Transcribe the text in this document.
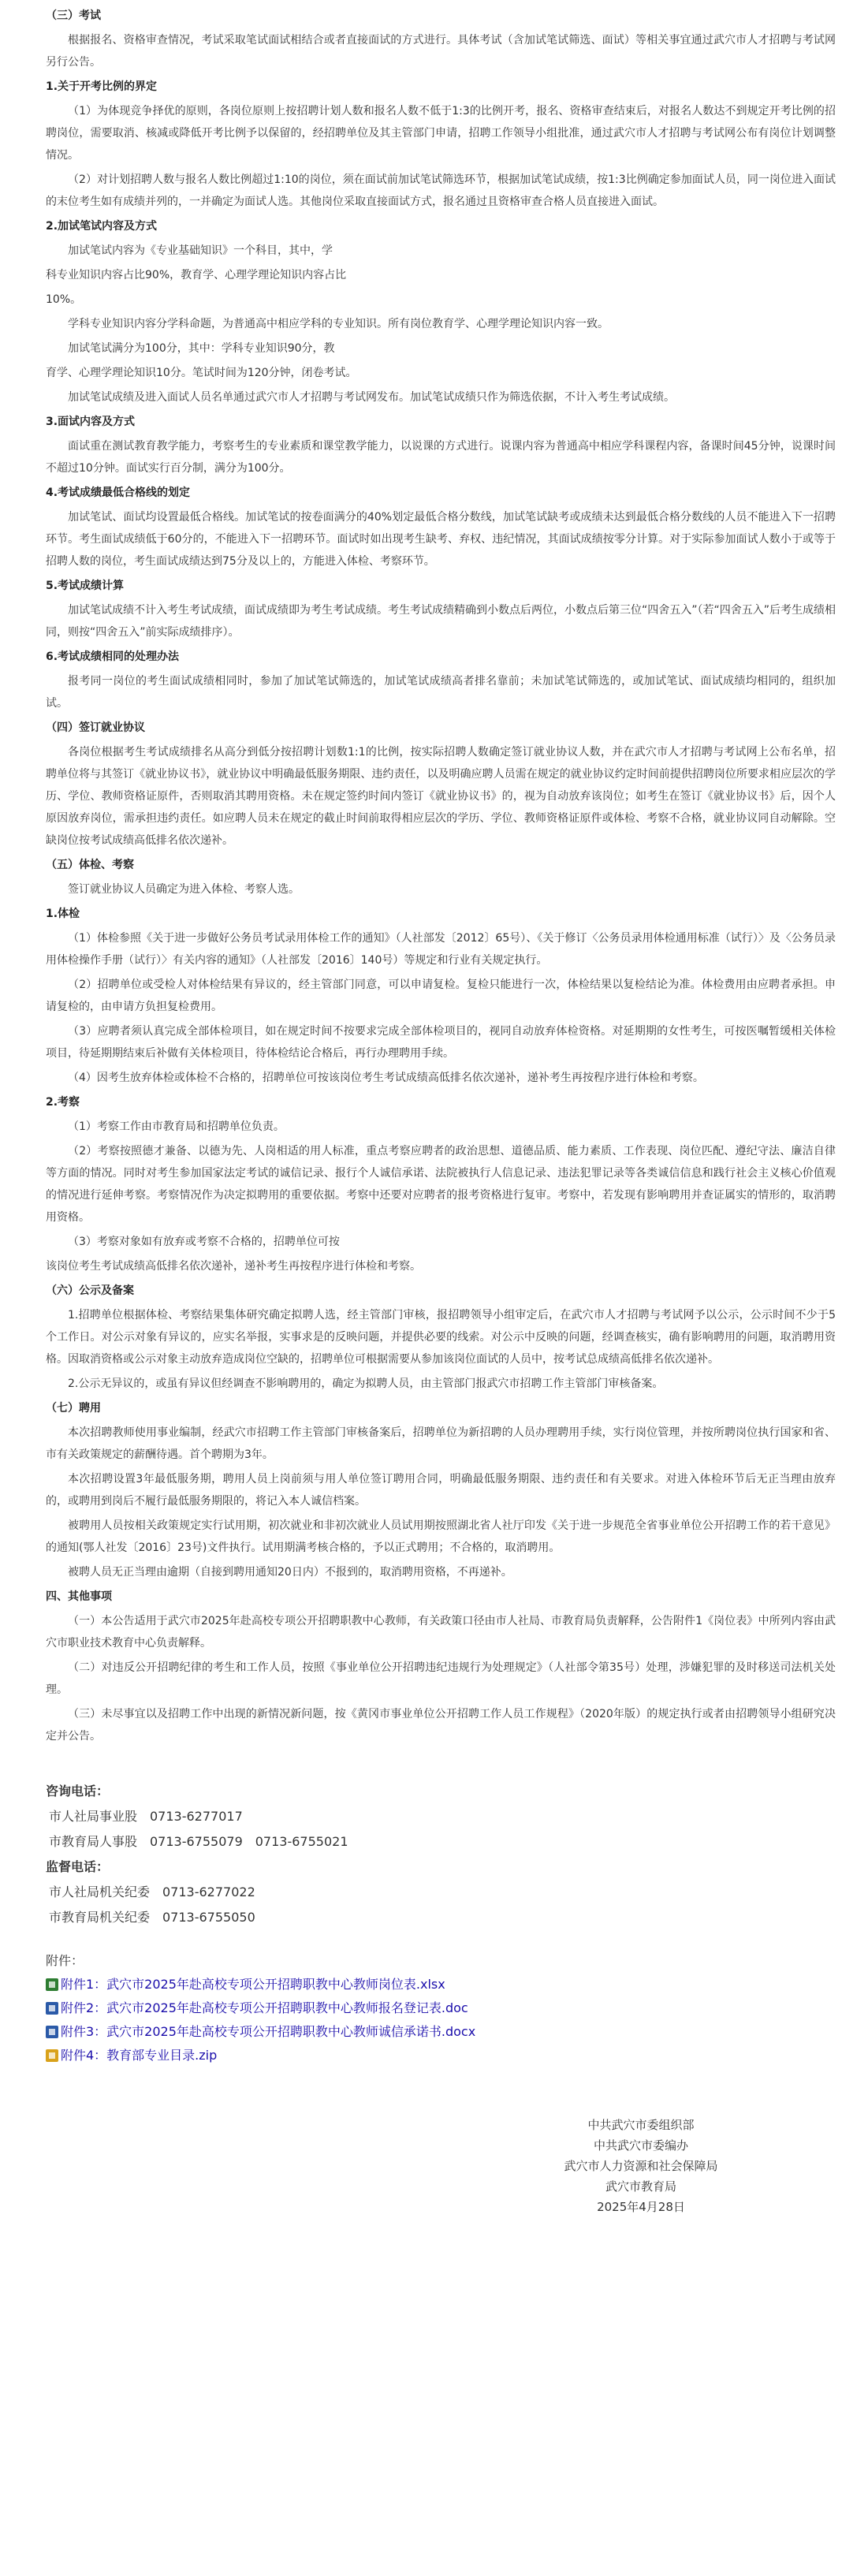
（三）考试
根据报名、资格审查情况，考试采取笔试面试相结合或者直接面试的方式进行。具体考试（含加试笔试筛选、面试）等相关事宜通过武穴市人才招聘与考试网另行公告。
1.关于开考比例的界定
（1）为体现竞争择优的原则，各岗位原则上按招聘计划人数和报名人数不低于1:3的比例开考，报名、资格审查结束后，对报名人数达不到规定开考比例的招聘岗位，需要取消、核减或降低开考比例予以保留的，经招聘单位及其主管部门申请，招聘工作领导小组批准，通过武穴市人才招聘与考试网公布有岗位计划调整情况。
（2）对计划招聘人数与报名人数比例超过1:10的岗位，须在面试前加试笔试筛选环节，根据加试笔试成绩，按1:3比例确定参加面试人员，同一岗位进入面试的末位考生如有成绩并列的，一并确定为面试人选。其他岗位采取直接面试方式，报名通过且资格审查合格人员直接进入面试。
2.加试笔试内容及方式
加试笔试内容为《专业基础知识》一个科目，其中，学
科专业知识内容占比90%，教育学、心理学理论知识内容占比
10%。
学科专业知识内容分学科命题，为普通高中相应学科的专业知识。所有岗位教育学、心理学理论知识内容一致。
加试笔试满分为100分，其中：学科专业知识90分，教
育学、心理学理论知识10分。笔试时间为120分钟，闭卷考试。
加试笔试成绩及进入面试人员名单通过武穴市人才招聘与考试网发布。加试笔试成绩只作为筛选依据，不计入考生考试成绩。
3.面试内容及方式
面试重在测试教育教学能力，考察考生的专业素质和课堂教学能力，以说课的方式进行。说课内容为普通高中相应学科课程内容，备课时间45分钟，说课时间不超过10分钟。面试实行百分制，满分为100分。
4.考试成绩最低合格线的划定
加试笔试、面试均设置最低合格线。加试笔试的按卷面满分的40%划定最低合格分数线，加试笔试缺考或成绩未达到最低合格分数线的人员不能进入下一招聘环节。考生面试成绩低于60分的，不能进入下一招聘环节。面试时如出现考生缺考、弃权、违纪情况，其面试成绩按零分计算。对于实际参加面试人数小于或等于招聘人数的岗位，考生面试成绩达到75分及以上的，方能进入体检、考察环节。
5.考试成绩计算
加试笔试成绩不计入考生考试成绩，面试成绩即为考生考试成绩。考生考试成绩精确到小数点后两位，小数点后第三位“四舍五入”（若“四舍五入”后考生成绩相同，则按“四舍五入”前实际成绩排序）。
6.考试成绩相同的处理办法
报考同一岗位的考生面试成绩相同时，参加了加试笔试筛选的，加试笔试成绩高者排名靠前；未加试笔试筛选的，或加试笔试、面试成绩均相同的，组织加试。
（四）签订就业协议
各岗位根据考生考试成绩排名从高分到低分按招聘计划数1:1的比例，按实际招聘人数确定签订就业协议人数，并在武穴市人才招聘与考试网上公布名单，招聘单位将与其签订《就业协议书》，就业协议中明确最低服务期限、违约责任，以及明确应聘人员需在规定的就业协议约定时间前提供招聘岗位所要求相应层次的学历、学位、教师资格证原件，否则取消其聘用资格。未在规定签约时间内签订《就业协议书》的，视为自动放弃该岗位；如考生在签订《就业协议书》后，因个人原因放弃岗位，需承担违约责任。如应聘人员未在规定的截止时间前取得相应层次的学历、学位、教师资格证原件或体检、考察不合格，就业协议同自动解除。空缺岗位按考试成绩高低排名依次递补。
（五）体检、考察
签订就业协议人员确定为进入体检、考察人选。
1.体检
（1）体检参照《关于进一步做好公务员考试录用体检工作的通知》（人社部发〔2012〕65号）、《关于修订〈公务员录用体检通用标准（试行）〉及〈公务员录用体检操作手册（试行）〉有关内容的通知》（人社部发〔2016〕140号）等规定和行业有关规定执行。
（2）招聘单位或受检人对体检结果有异议的，经主管部门同意，可以申请复检。复检只能进行一次，体检结果以复检结论为准。体检费用由应聘者承担。申请复检的，由申请方负担复检费用。
（3）应聘者须认真完成全部体检项目，如在规定时间不按要求完成全部体检项目的，视同自动放弃体检资格。对延期期的女性考生，可按医嘱暂缓相关体检项目，待延期期结束后补做有关体检项目，待体检结论合格后，再行办理聘用手续。
（4）因考生放弃体检或体检不合格的，招聘单位可按该岗位考生考试成绩高低排名依次递补，递补考生再按程序进行体检和考察。
2.考察
（1）考察工作由市教育局和招聘单位负责。
（2）考察按照德才兼备、以德为先、人岗相适的用人标准，重点考察应聘者的政治思想、道德品质、能力素质、工作表现、岗位匹配、遵纪守法、廉洁自律等方面的情况。同时对考生参加国家法定考试的诚信记录、报行个人诚信承诺、法院被执行人信息记录、违法犯罪记录等各类诚信信息和践行社会主义核心价值观的情况进行延伸考察。考察情况作为决定拟聘用的重要依据。考察中还要对应聘者的报考资格进行复审。考察中，若发现有影响聘用并查证属实的情形的，取消聘用资格。
（3）考察对象如有放弃或考察不合格的，招聘单位可按
该岗位考生考试成绩高低排名依次递补，递补考生再按程序进行体检和考察。
（六）公示及备案
1.招聘单位根据体检、考察结果集体研究确定拟聘人选，经主管部门审核，报招聘领导小组审定后，在武穴市人才招聘与考试网予以公示，公示时间不少于5个工作日。对公示对象有异议的，应实名举报，实事求是的反映问题，并提供必要的线索。对公示中反映的问题，经调查核实，确有影响聘用的问题，取消聘用资格。因取消资格或公示对象主动放弃造成岗位空缺的，招聘单位可根据需要从参加该岗位面试的人员中，按考试总成绩高低排名依次递补。
2.公示无异议的，或虽有异议但经调查不影响聘用的，确定为拟聘人员，由主管部门报武穴市招聘工作主管部门审核备案。
（七）聘用
本次招聘教师使用事业编制，经武穴市招聘工作主管部门审核备案后，招聘单位为新招聘的人员办理聘用手续，实行岗位管理，并按所聘岗位执行国家和省、市有关政策规定的薪酬待遇。首个聘期为3年。
本次招聘设置3年最低服务期，聘用人员上岗前须与用人单位签订聘用合同，明确最低服务期限、违约责任和有关要求。对进入体检环节后无正当理由放弃的，或聘用到岗后不履行最低服务期限的，将记入本人诚信档案。
被聘用人员按相关政策规定实行试用期，初次就业和非初次就业人员试用期按照湖北省人社厅印发《关于进一步规范全省事业单位公开招聘工作的若干意见》的通知(鄂人社发〔2016〕23号)文件执行。试用期满考核合格的，予以正式聘用；不合格的，取消聘用。
被聘人员无正当理由逾期（自接到聘用通知20日内）不报到的，取消聘用资格，不再递补。
四、其他事项
（一）本公告适用于武穴市2025年赴高校专项公开招聘职教中心教师，有关政策口径由市人社局、市教育局负责解释，公告附件1《岗位表》中所列内容由武穴市职业技术教育中心负责解释。
（二）对违反公开招聘纪律的考生和工作人员，按照《事业单位公开招聘违纪违规行为处理规定》（人社部令第35号）处理，涉嫌犯罪的及时移送司法机关处理。
（三）未尽事宜以及招聘工作中出现的新情况新问题，按《黄冈市事业单位公开招聘工作人员工作规程》（2020年版）的规定执行或者由招聘领导小组研究决定并公告。
咨询电话：
市人社局事业股　0713-6277017
市教育局人事股　0713-6755079　0713-6755021
监督电话：
市人社局机关纪委　0713-6277022
市教育局机关纪委　0713-6755050
附件：
附件1：武穴市2025年赴高校专项公开招聘职教中心教师岗位表.xlsx
附件2：武穴市2025年赴高校专项公开招聘职教中心教师报名登记表.doc
附件3：武穴市2025年赴高校专项公开招聘职教中心教师诚信承诺书.docx
附件4：教育部专业目录.zip
中共武穴市委组织部
中共武穴市委编办
武穴市人力资源和社会保障局
武穴市教育局
2025年4月28日
